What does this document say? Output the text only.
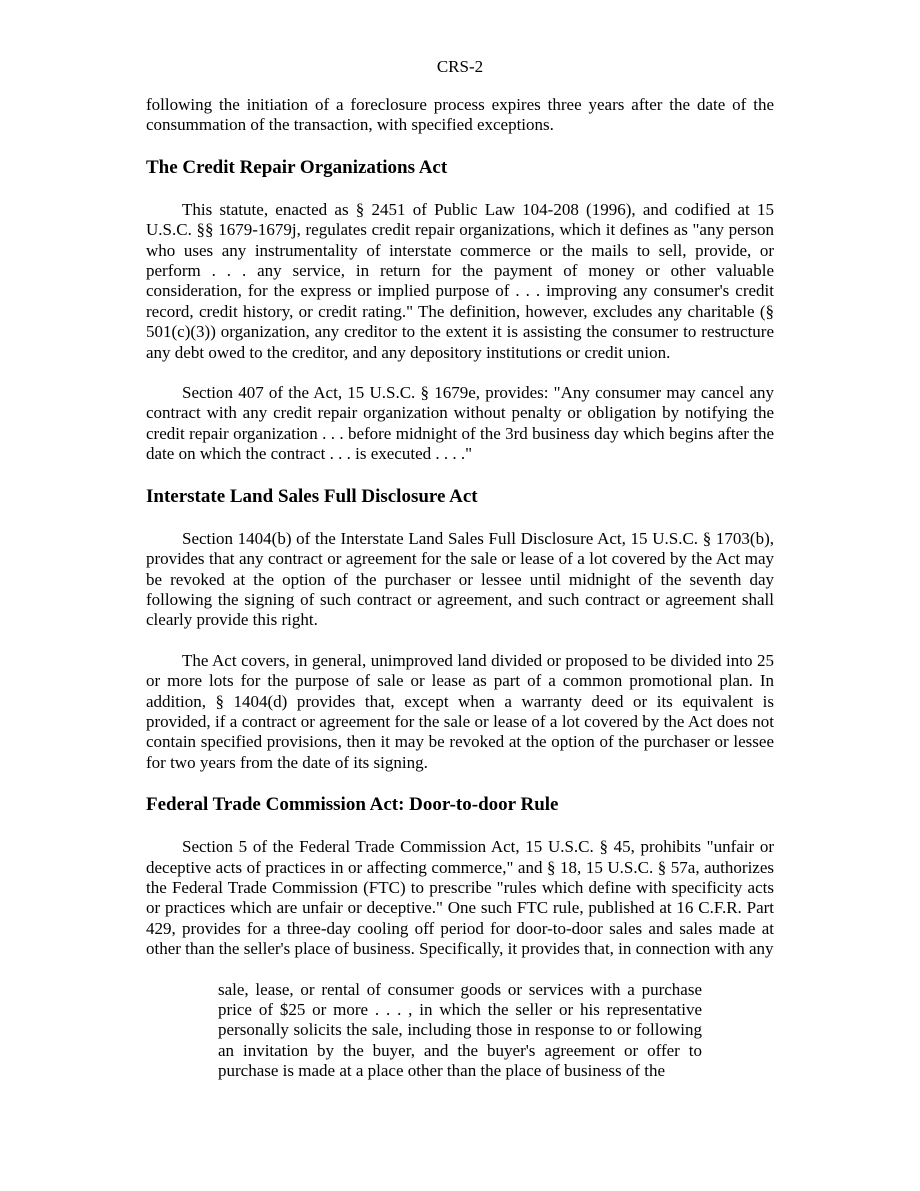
CRS-2

following the initiation of a foreclosure process expires three years after the date of the consummation of the transaction, with specified exceptions.

The Credit Repair Organizations Act

This statute, enacted as § 2451 of Public Law 104-208 (1996), and codified at 15 U.S.C. §§ 1679-1679j, regulates credit repair organizations, which it defines as "any person who uses any instrumentality of interstate commerce or the mails to sell, provide, or perform . . . any service, in return for the payment of money or other valuable consideration, for the express or implied purpose of . . . improving any consumer's credit record, credit history, or credit rating." The definition, however, excludes any charitable (§ 501(c)(3)) organization, any creditor to the extent it is assisting the consumer to restructure any debt owed to the creditor, and any depository institutions or credit union.

Section 407 of the Act, 15 U.S.C. § 1679e, provides: "Any consumer may cancel any contract with any credit repair organization without penalty or obligation by notifying the credit repair organization . . . before midnight of the 3rd business day which begins after the date on which the contract . . . is executed . . . ."

Interstate Land Sales Full Disclosure Act

Section 1404(b) of the Interstate Land Sales Full Disclosure Act, 15 U.S.C. § 1703(b), provides that any contract or agreement for the sale or lease of a lot covered by the Act may be revoked at the option of the purchaser or lessee until midnight of the seventh day following the signing of such contract or agreement, and such contract or agreement shall clearly provide this right.

The Act covers, in general, unimproved land divided or proposed to be divided into 25 or more lots for the purpose of sale or lease as part of a common promotional plan. In addition, § 1404(d) provides that, except when a warranty deed or its equivalent is provided, if a contract or agreement for the sale or lease of a lot covered by the Act does not contain specified provisions, then it may be revoked at the option of the purchaser or lessee for two years from the date of its signing.

Federal Trade Commission Act: Door-to-door Rule

Section 5 of the Federal Trade Commission Act, 15 U.S.C. § 45, prohibits "unfair or deceptive acts of practices in or affecting commerce," and § 18, 15 U.S.C. § 57a, authorizes the Federal Trade Commission (FTC) to prescribe "rules which define with specificity acts or practices which are unfair or deceptive." One such FTC rule, published at 16 C.F.R. Part 429, provides for a three-day cooling off period for door-to-door sales and sales made at other than the seller's place of business. Specifically, it provides that, in connection with any

sale, lease, or rental of consumer goods or services with a purchase price of $25 or more . . . , in which the seller or his representative personally solicits the sale, including those in response to or following an invitation by the buyer, and the buyer's agreement or offer to purchase is made at a place other than the place of business of the
